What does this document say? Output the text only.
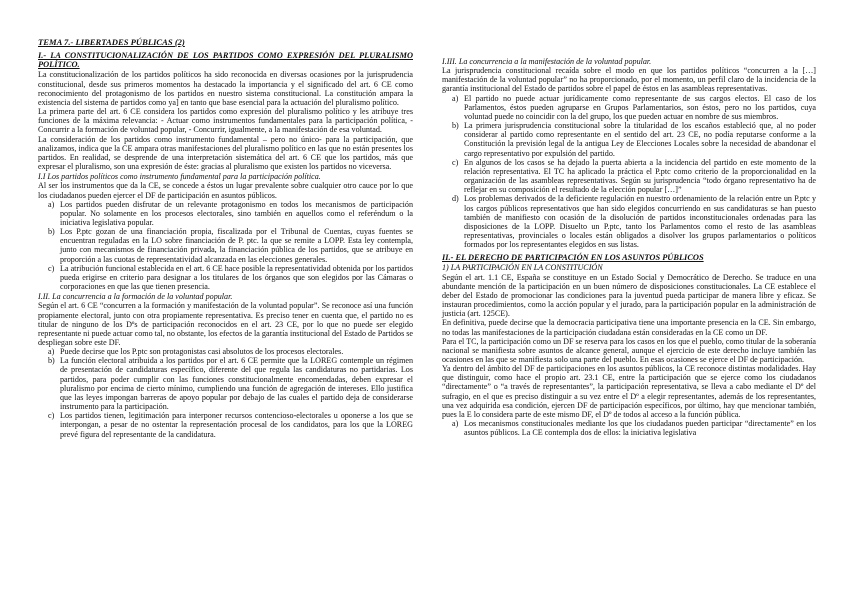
TEMA 7.- LIBERTADES PÚBLICAS (2)
I.- LA CONSTITUCIONALIZACIÓN DE LOS PARTIDOS COMO EXPRESIÓN DEL PLURALISMO POLÍTICO.

La constitucionalización de los partidos políticos ha sido reconocida en diversas ocasiones por la jurisprudencia constitucional, desde sus primeros momentos ha destacado la importancia y el significado del art. 6 CE como reconocimiento del protagonismo de los partidos en nuestro sistema constitucional. La constitución ampara la existencia del sistema de partidos como ya] en tanto que base esencial para la actuación del pluralismo político.

La primera parte del art. 6 CE considera los partidos como expresión del pluralismo político y les atribuye tres funciones de la máxima relevancia: - Actuar como instrumentos fundamentales para la participación política, - Concurrir a la formación de voluntad popular, - Concurrir, igualmente, a la manifestación de esa voluntad.

La consideración de los partidos como instrumento fundamental – pero no único- para la participación, que analizamos, indica que la CE ampara otras manifestaciones del pluralismo político en las que no están presentes los partidos. En realidad, se desprende de una interpretación sistemática del art. 6 CE que los partidos, más que expresar el pluralismo, son una expresión de éste: gracias al pluralismo que existen los partidos no viceversa.

I.I Los partidos políticos como instrumento fundamental para la participación política.

Al ser los instrumentos que da la CE, se concede a éstos un lugar prevalente sobre cualquier otro cauce por lo que los ciudadanos pueden ejercer el DF de participación en asuntos públicos.

a) Los partidos pueden disfrutar de un relevante protagonismo en todos los mecanismos de participación popular. No solamente en los procesos electorales, sino también en aquellos como el referéndum o la iniciativa legislativa popular.
b) Los P.ptc gozan de una financiación propia, fiscalizada por el Tribunal de Cuentas, cuyas fuentes se encuentran reguladas en la LO sobre financiación de P. ptc. la que se remite a LOPP. Esta ley contempla, junto con mecanismos de financiación privada, la financiación pública de los partidos, que se atribuye en proporción a las cuotas de representatividad alcanzada en las elecciones generales.
c) La atribución funcional establecida en el art. 6 CE hace posible la representatividad obtenida por los partidos pueda erigirse en criterio para designar a los titulares de los órganos que son elegidos por las Cámaras o corporaciones en que las que tienen presencia.
I.II. La concurrencia a la formación de la voluntad popular.

Según el art. 6 CE “concurren a la formación y manifestación de la voluntad popular”. Se reconoce así una función propiamente electoral, junto con otra propiamente representativa. Es preciso tener en cuenta que, el partido no es titular de ninguno de los Dºs de participación reconocidos en el art. 23 CE, por lo que no puede ser elegido representante ni puede actuar como tal, no obstante, los efectos de la garantía institucional del Estado de Partidos se despliegan sobre este DF.

a) Puede decirse que los P.ptc son protagonistas casi absolutos de los procesos electorales.
b) La función electoral atribuida a los partidos por el art. 6 CE permite que la LOREG contemple un régimen de presentación de candidaturas específico, diferente del que regula las candidaturas no partidarias. Los partidos, para poder cumplir con las funciones constitucionalmente encomendadas, deben expresar el pluralismo por encima de cierto mínimo, cumpliendo una función de agregación de intereses. Ello justifica que las leyes impongan barreras de apoyo popular por debajo de las cuales el partido deja de considerarse instrumento para la participación.
c) Los partidos tienen, legitimación para interponer recursos contencioso-electorales u oponerse a los que se interpongan, a pesar de no ostentar la representación procesal de los candidatos, para los que la LOREG prevé figura del representante de la candidatura.
I.III. La concurrencia a la manifestación de la voluntad popular.

La jurisprudencia constitucional recaída sobre el modo en que los partidos políticos “concurren a la […] manifestación de la voluntad popular” no ha proporcionado, por el momento, un perfil claro de la incidencia de la garantía institucional del Estado de partidos sobre el papel de éstos en las asambleas representativas.

a) El partido no puede actuar jurídicamente como representante de sus cargos electos. El caso de los Parlamentos, éstos pueden agruparse en Grupos Parlamentarios, son éstos, pero no los partidos, cuya voluntad puede no coincidir con la del grupo, los que pueden actuar en nombre de sus miembros.
b) La primera jurisprudencia constitucional sobre la titularidad de los escaños estableció que, al no poder considerar al partido como representante en el sentido del art. 23 CE, no podía reputarse conforme a la Constitución la previsión legal de la antigua Ley de Elecciones Locales sobre la necesidad de abandonar el cargo representativo por expulsión del partido.
c) En algunos de los casos se ha dejado la puerta abierta a la incidencia del partido en este momento de la relación representativa. El TC ha aplicado la práctica el P.ptc como criterio de la proporcionalidad en la organización de las asambleas representativas. Según su jurisprudencia “todo órgano representativo ha de reflejar en su composición el resultado de la elección popular […]”
d) Los problemas derivados de la deficiente regulación en nuestro ordenamiento de la relación entre un P.ptc y los cargos públicos representativos que han sido elegidos concurriendo en sus candidaturas se han puesto también de manifiesto con ocasión de la disolución de partidos inconstitucionales ordenadas para las disposiciones de la LOPP. Disuelto un P.ptc, tanto los Parlamentos como el resto de las asambleas representativas, provinciales o locales están obligados a disolver los grupos parlamentarios o políticos formados por los representantes elegidos en sus listas.
II.- EL DERECHO DE PARTICIPACIÓN EN LOS ASUNTOS PÚBLICOS
1) LA PARTICIPACIÓN EN LA CONSTITUCIÓN

Según el art. 1.1 CE, España se constituye en un Estado Social y Democrático de Derecho. Se traduce en una abundante mención de la participación en un buen número de disposiciones constitucionales. La CE establece el deber del Estado de promocionar las condiciones para la juventud pueda participar de manera libre y eficaz. Se instauran procedimientos, como la acción popular y el jurado, para la participación popular en la administración de justicia (art. 125CE).

En definitiva, puede decirse que la democracia participativa tiene una importante presencia en la CE. Sin embargo, no todas las manifestaciones de la participación ciudadana están consideradas en la CE como un DF.

Para el TC, la participación como un DF se reserva para los casos en los que el pueblo, como titular de la soberanía nacional se manifiesta sobre asuntos de alcance general, aunque el ejercicio de este derecho incluye también las ocasiones en las que se manifiesta solo una parte del pueblo. En esas ocasiones se ejerce el DF de participación.

Ya dentro del ámbito del DF de participaciones en los asuntos públicos, la CE reconoce distintas modalidades. Hay que distinguir, como hace el propio art. 23.1 CE, entre la participación que se ejerce como los ciudadanos “directamente” o “a través de representantes”, la participación representativa, se lleva a cabo mediante el Dº del sufragio, en el que es preciso distinguir a su vez entre el Dº a elegir representantes, además de los representantes, una vez adquirida esa condición, ejercen DF de participación específicos, por último, hay que mencionar también, pues la E lo considera parte de este mismo DF, el Dº de todos al acceso a la función pública.

a) Los mecanismos constitucionales mediante los que los ciudadanos pueden participar “directamente” en los asuntos públicos. La CE contempla dos de ellos: la iniciativa legislativa
